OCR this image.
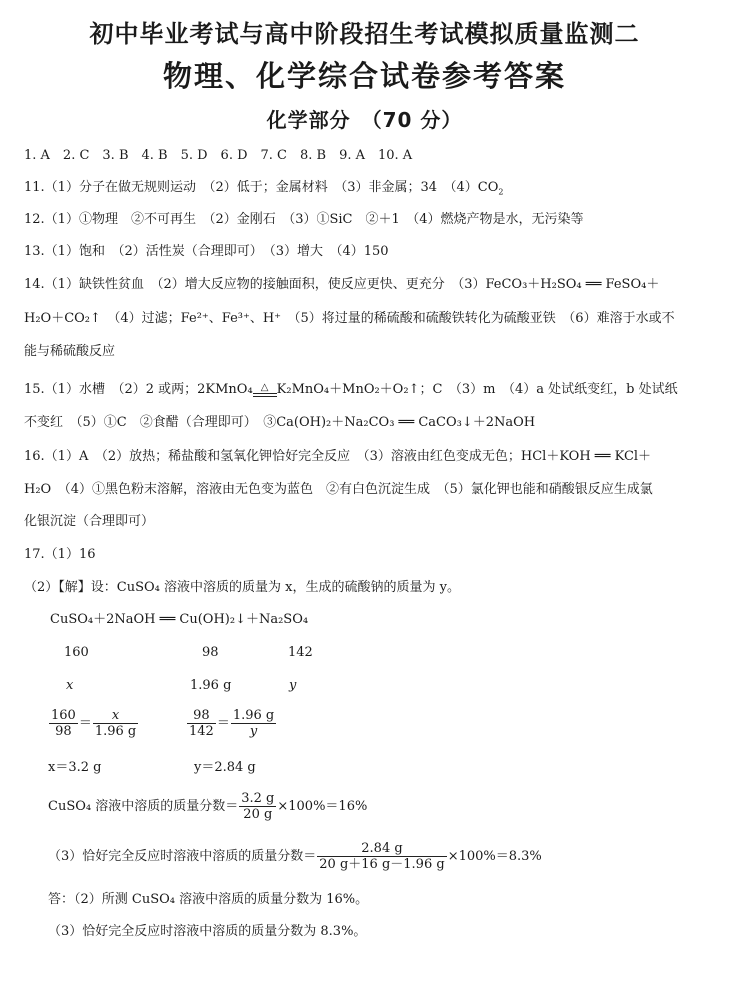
初中毕业考试与高中阶段招生考试模拟质量监测二
物理、化学综合试卷参考答案
化学部分　（70 分）
1. A　2. C　3. B　4. B　5. D　6. D　7. C　8. B　9. A　10. A
11.（1）分子在做无规则运动　（2）低于；金属材料　（3）非金属；34　$(4)CO_2$
12.（1）①物理　②不可再生　（2）金刚石　（3）①SiC　②＋1　（4）燃烧产物是水，无污染等
13.（1）饱和　（2）活性炭（合理即可）　（3）增大　（4）150
14.（1）缺铁性贫血　（2）增大反应物的接触面积，使反应更快、更充分　（3）FeCO₃＋H₂SO₄ ══ FeSO₄＋
H₂O＋CO₂↑　（4）过滤；Fe²⁺、Fe³⁺、H⁺　（5）将过量的稀硫酸和硫酸铁转化为硫酸亚铁　（6）难溶于水或不
能与稀硫酸反应
15.（1）水槽　（2）2 或两；2KMnO₄ △ K₂MnO₄＋MnO₂＋O₂↑；C　（3）m　（4）a 处试纸变红，b 处试纸
不变红　（5）①C　②食醋（合理即可）　③Ca(OH)₂＋Na₂CO₃ ══ CaCO₃↓＋2NaOH
16.（1）A　（2）放热；稀盐酸和氢氧化钾恰好完全反应　（3）溶液由红色变成无色；HCl＋KOH ══ KCl＋
H₂O　（4）①黑色粉末溶解，溶液由无色变为蓝色　②有白色沉淀生成　（5）氯化钾也能和硝酸银反应生成氯
化银沉淀（合理即可）
17.（1）16
（2）【解】设：CuSO₄ 溶液中溶质的质量为 x，生成的硫酸钠的质量为 y。
CuSO₄＋2NaOH ══ Cu(OH)₂↓＋Na₂SO₄
160	98	142
x	1.96 g	y
$\frac{160}{98} = \frac{x}{1.96 g}$	$\frac{98}{142} = \frac{1.96 g}{y}$
x＝3.2 g	y＝2.84 g
CuSO₄ 溶液中溶质的质量分数＝ $\frac{3.2 g}{20 g} \times 100\%=16\%$
（3）恰好完全反应时溶液中溶质的质量分数＝ $\frac{2.84 g}{20 g+16 g-1.96 g} \times 100\%=8.3\%$
答：（2）所测 CuSO₄ 溶液中溶质的质量分数为 16%。
（3）恰好完全反应时溶液中溶质的质量分数为 8.3%。
